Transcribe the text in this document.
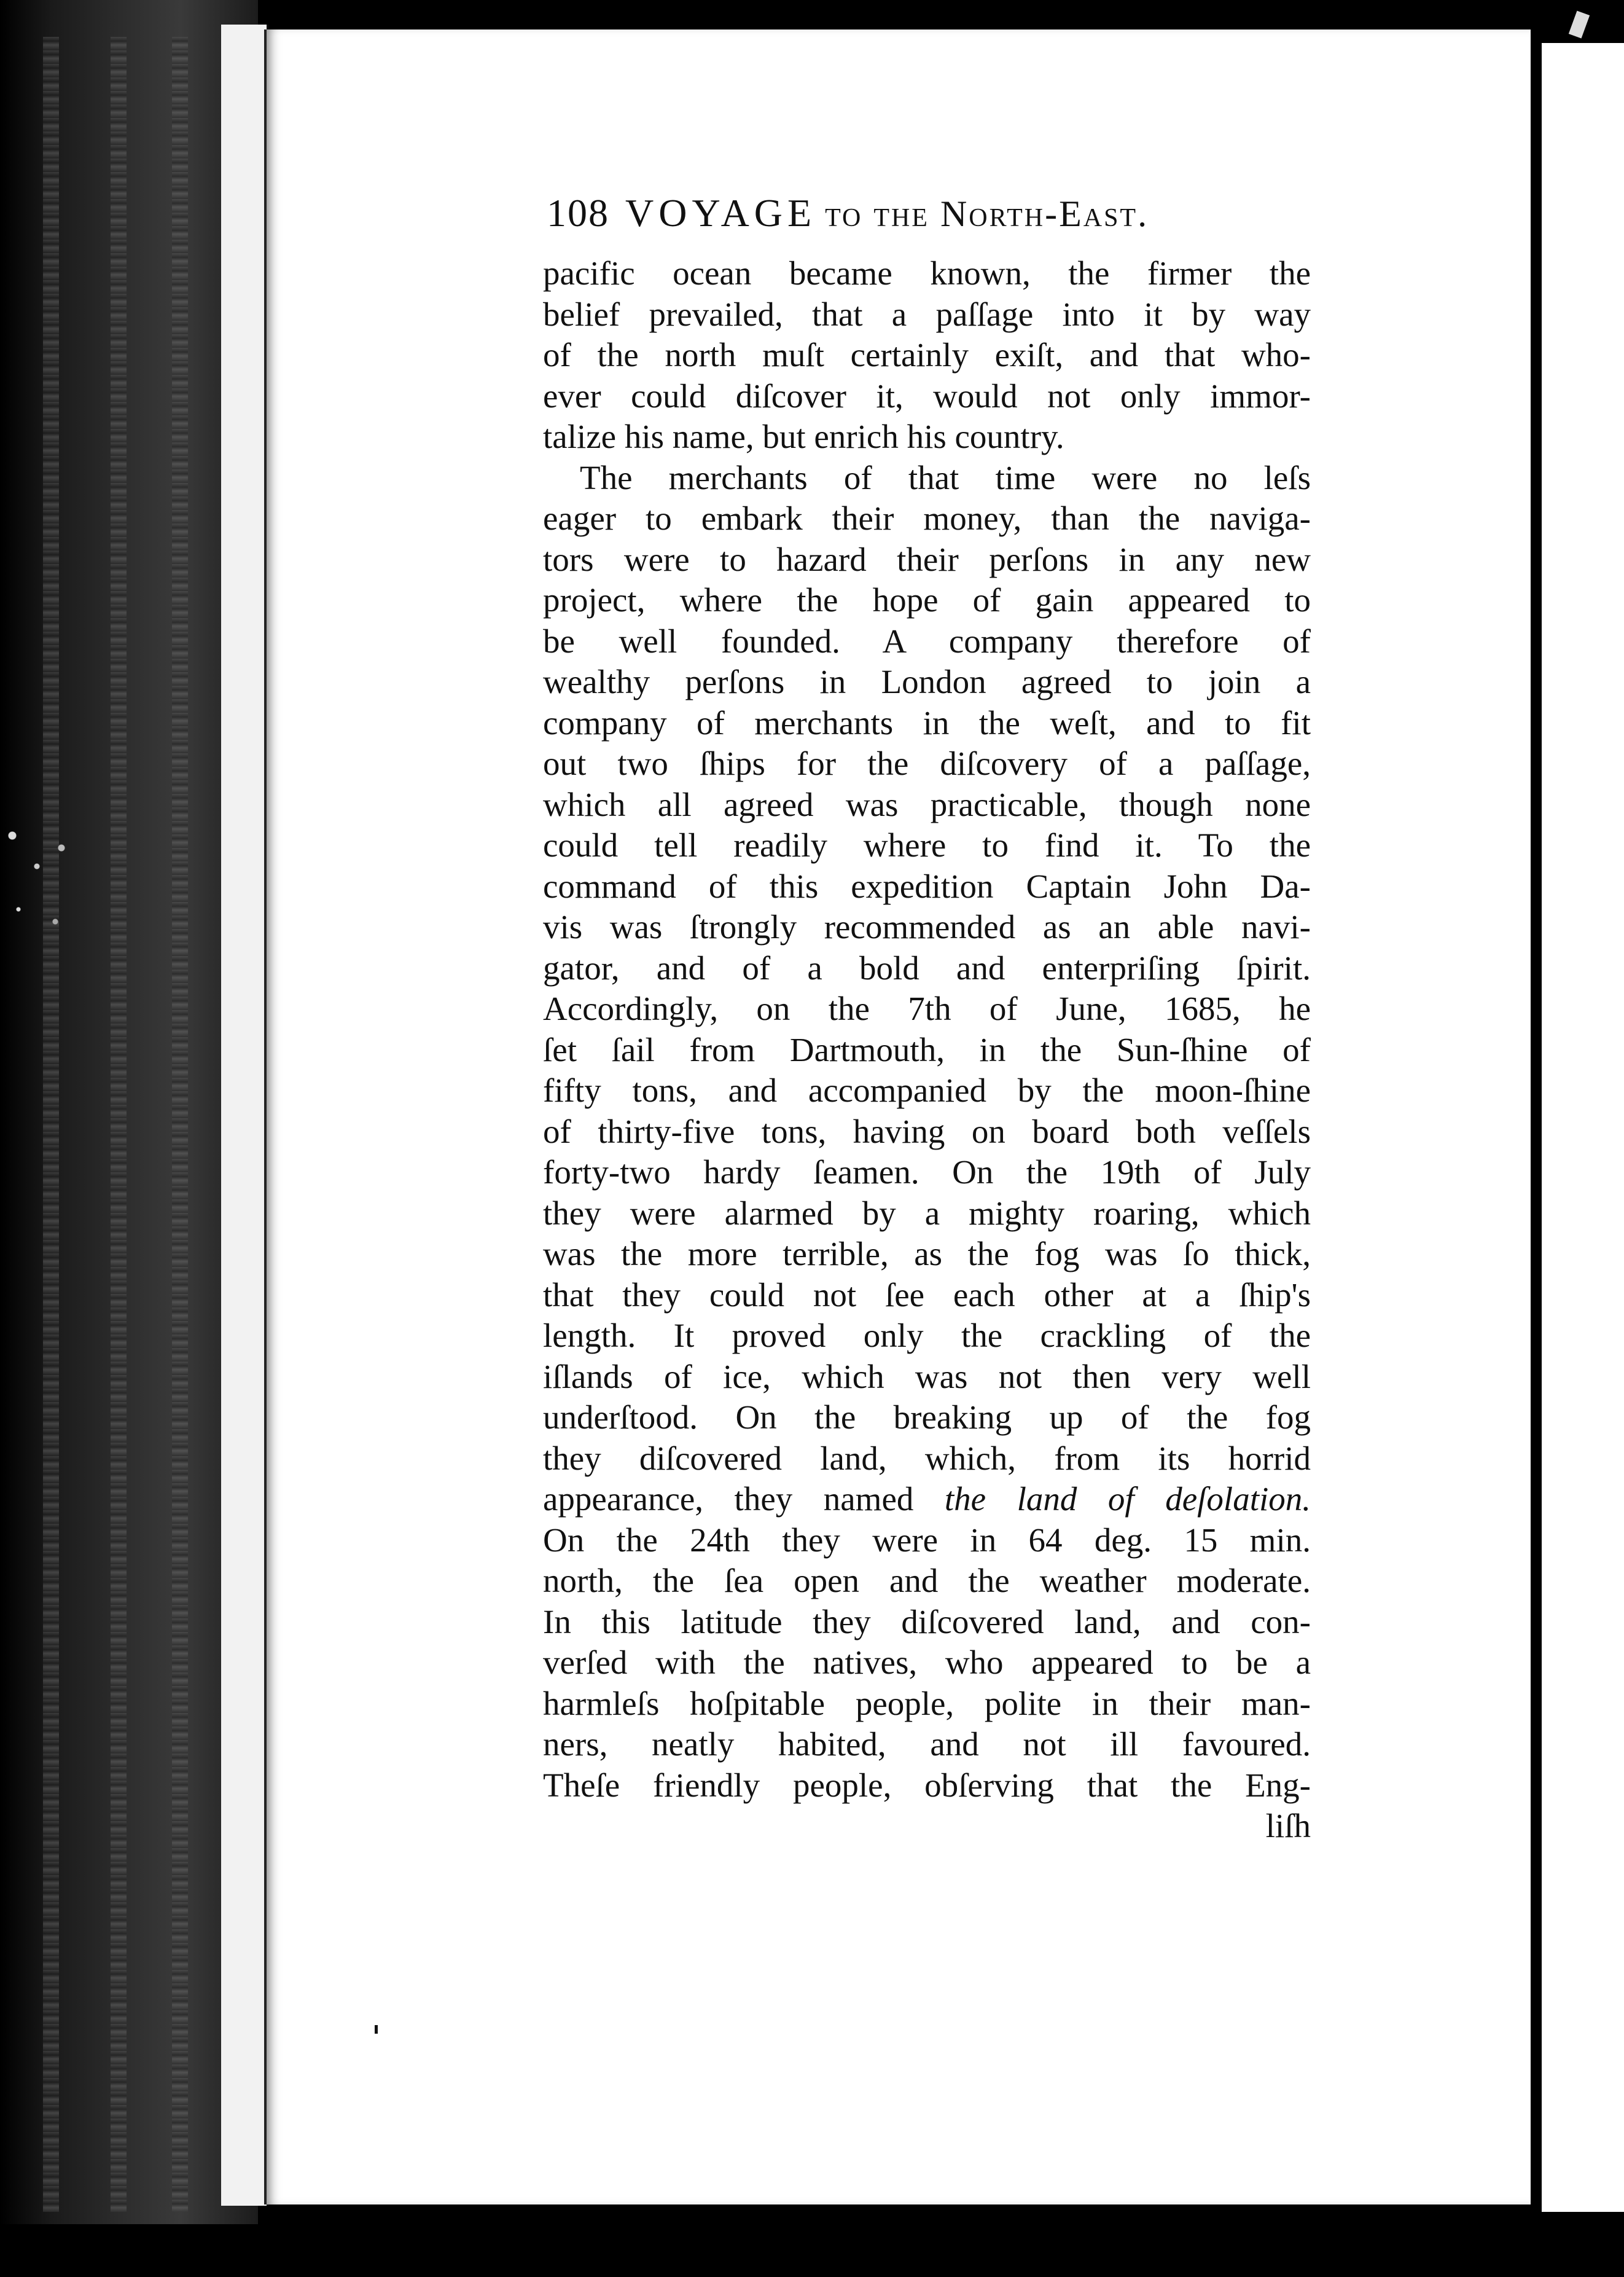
108 VOYAGE to the North-East.
pacific ocean became known, the firmer the
belief prevailed, that a paſſage into it by way
of the north muſt certainly exiſt, and that who-
ever could diſcover it, would not only immor-
talize his name, but enrich his country.
The merchants of that time were no leſs
eager to embark their money, than the naviga-
tors were to hazard their perſons in any new
project, where the hope of gain appeared to
be well founded. A company therefore of
wealthy perſons in London agreed to join a
company of merchants in the weſt, and to fit
out two ſhips for the diſcovery of a paſſage,
which all agreed was practicable, though none
could tell readily where to find it. To the
command of this expedition Captain John Da-
vis was ſtrongly recommended as an able navi-
gator, and of a bold and enterpriſing ſpirit.
Accordingly, on the 7th of June, 1685, he
ſet ſail from Dartmouth, in the Sun-ſhine of
fifty tons, and accompanied by the moon-ſhine
of thirty-five tons, having on board both veſſels
forty-two hardy ſeamen. On the 19th of July
they were alarmed by a mighty roaring, which
was the more terrible, as the fog was ſo thick,
that they could not ſee each other at a ſhip's
length. It proved only the crackling of the
iſlands of ice, which was not then very well
underſtood. On the breaking up of the fog
they diſcovered land, which, from its horrid
appearance, they named the land of deſolation.
On the 24th they were in 64 deg. 15 min.
north, the ſea open and the weather moderate.
In this latitude they diſcovered land, and con-
verſed with the natives, who appeared to be a
harmleſs hoſpitable people, polite in their man-
ners, neatly habited, and not ill favoured.
Theſe friendly people, obſerving that the Eng-
liſh
